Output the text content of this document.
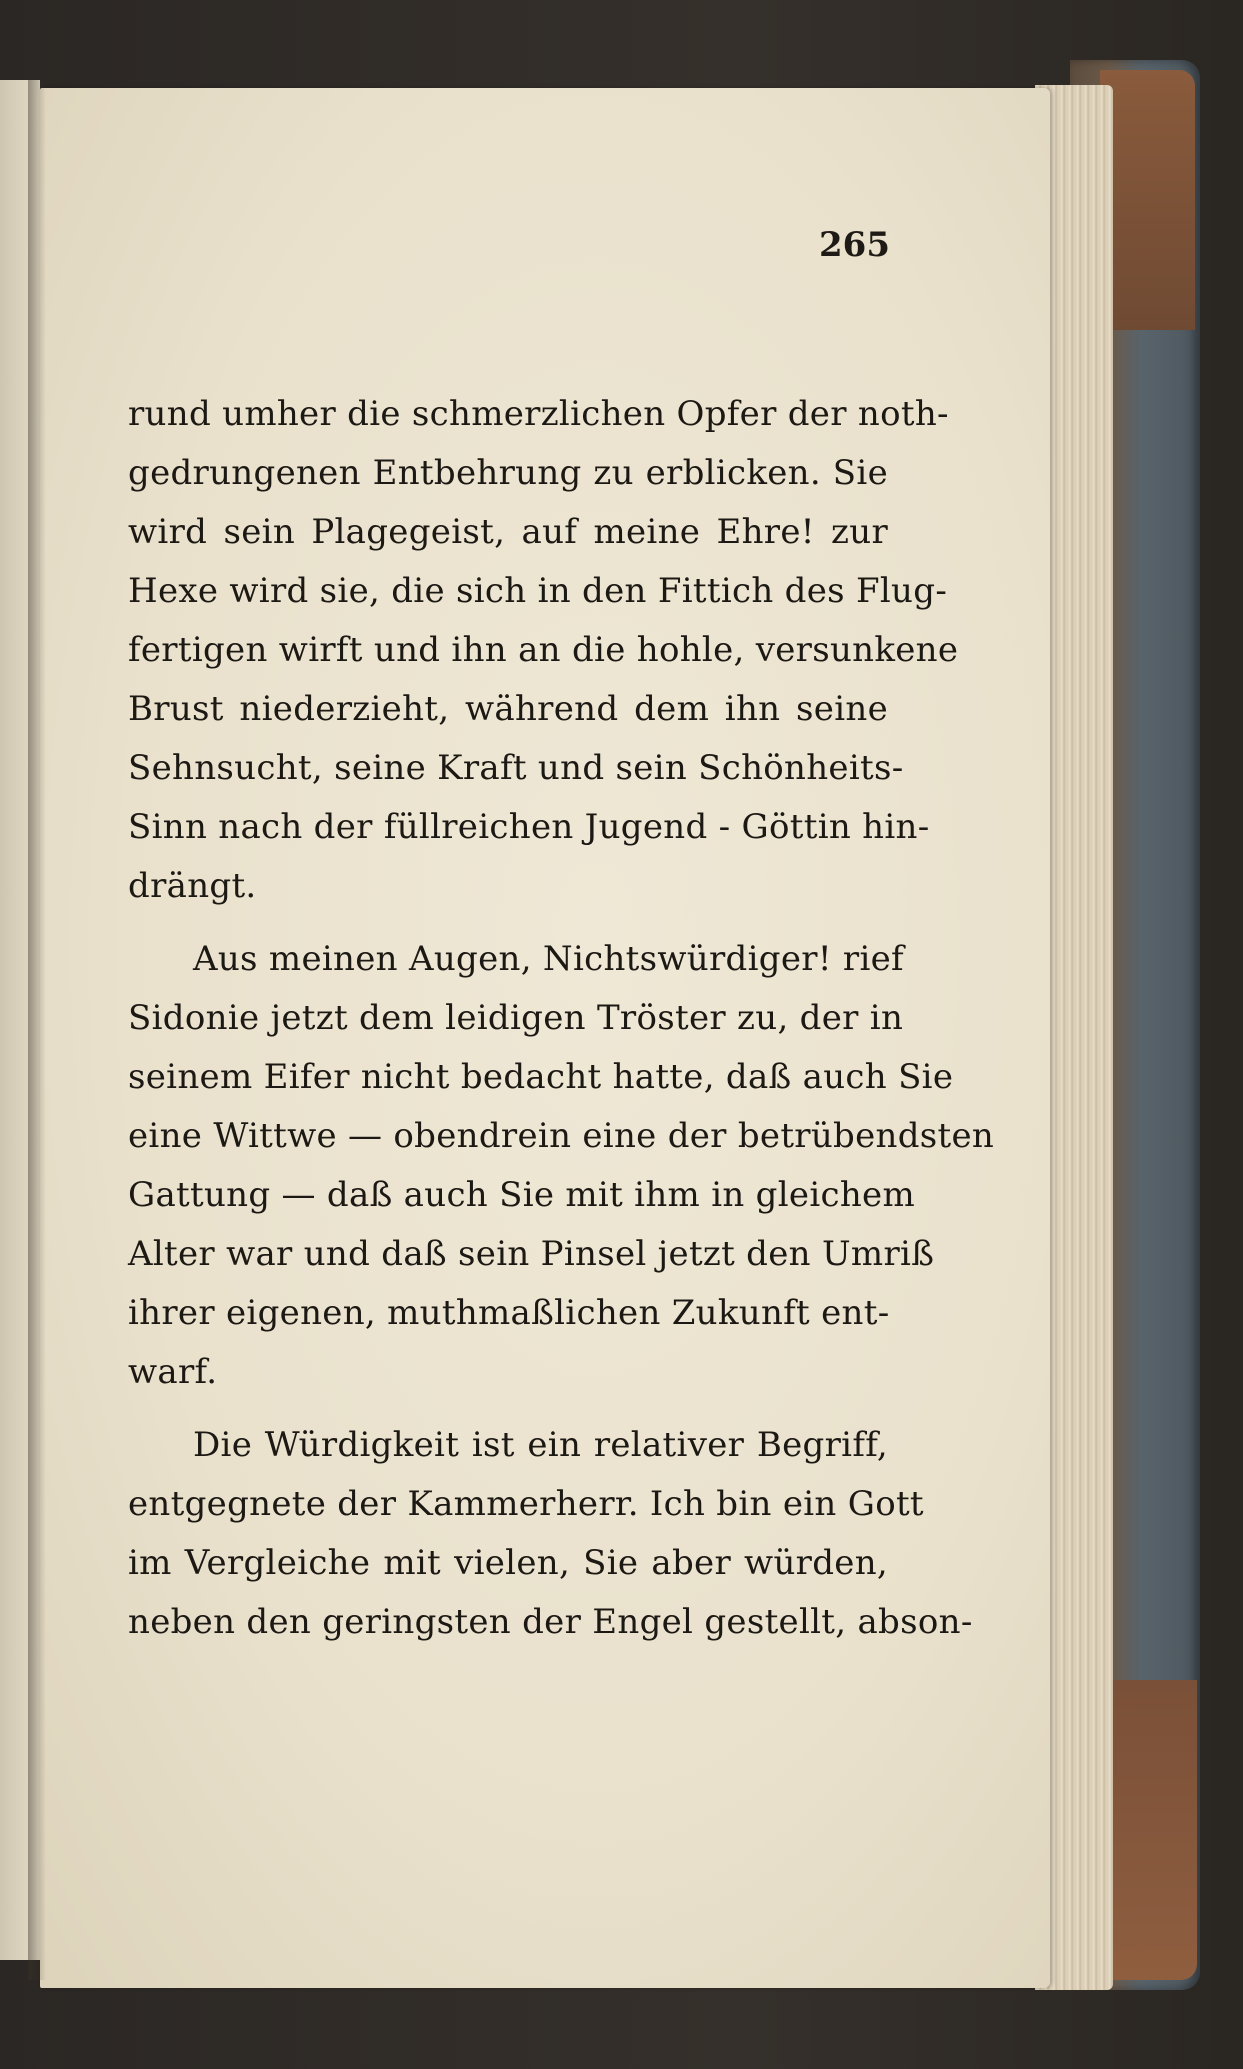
265
rund umher die schmerzlichen Opfer der noth-
gedrungenen Entbehrung zu erblicken. Sie
wird sein Plagegeist, auf meine Ehre! zur
Hexe wird sie, die sich in den Fittich des Flug-
fertigen wirft und ihn an die hohle, versunkene
Brust niederzieht, während dem ihn seine
Sehnsucht, seine Kraft und sein Schönheits-
Sinn nach der füllreichen Jugend - Göttin hin-
drängt.
Aus meinen Augen, Nichtswürdiger! rief
Sidonie jetzt dem leidigen Tröster zu, der in
seinem Eifer nicht bedacht hatte, daß auch Sie
eine Wittwe — obendrein eine der betrübendsten
Gattung — daß auch Sie mit ihm in gleichem
Alter war und daß sein Pinsel jetzt den Umriß
ihrer eigenen, muthmaßlichen Zukunft ent-
warf.
Die Würdigkeit ist ein relativer Begriff,
entgegnete der Kammerherr. Ich bin ein Gott
im Vergleiche mit vielen, Sie aber würden,
neben den geringsten der Engel gestellt, abson-
